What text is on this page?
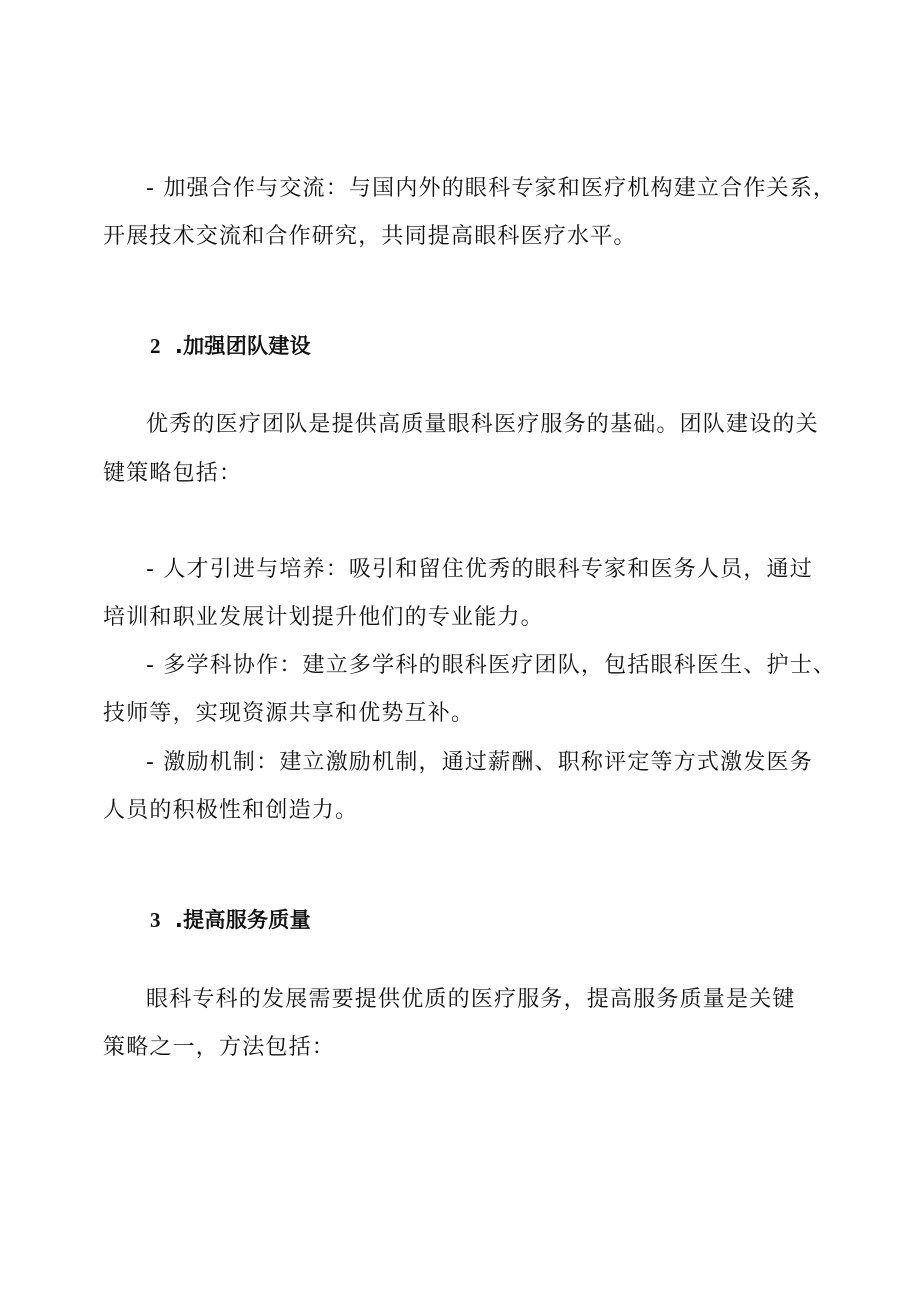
- 加强合作与交流：与国内外的眼科专家和医疗机构建立合作关系，
开展技术交流和合作研究，共同提高眼科医疗水平。
2 .加强团队建设
优秀的医疗团队是提供高质量眼科医疗服务的基础。团队建设的关
键策略包括：
- 人才引进与培养：吸引和留住优秀的眼科专家和医务人员，通过
培训和职业发展计划提升他们的专业能力。
- 多学科协作：建立多学科的眼科医疗团队，包括眼科医生、护士、
技师等，实现资源共享和优势互补。
- 激励机制：建立激励机制，通过薪酬、职称评定等方式激发医务
人员的积极性和创造力。
3 .提高服务质量
眼科专科的发展需要提供优质的医疗服务，提高服务质量是关键
策略之一，方法包括：
